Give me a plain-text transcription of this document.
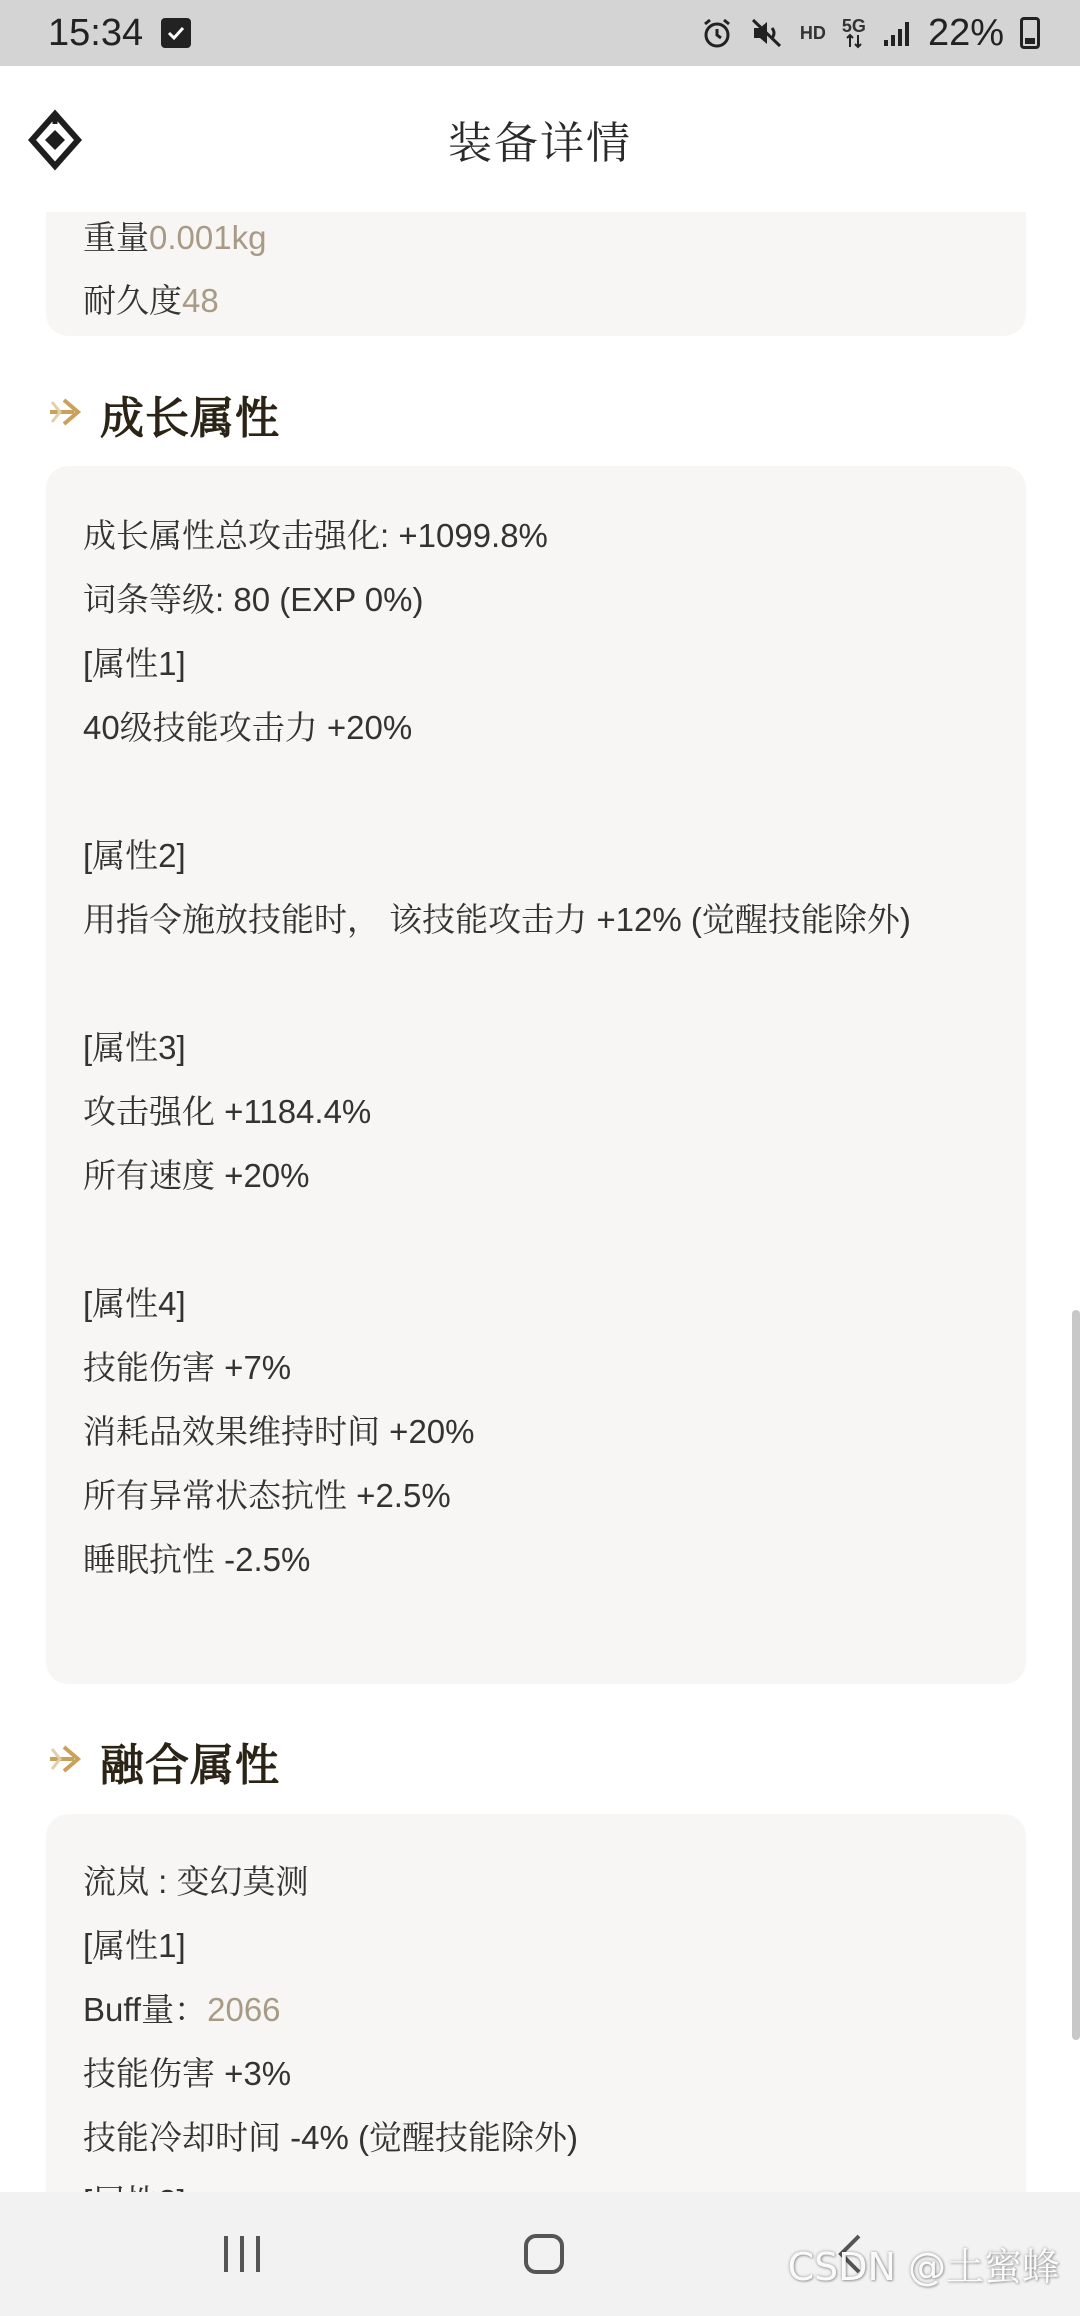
15:34	HD 5G 22%
装备详情
重量0.001kg
耐久度48
成长属性
成长属性总攻击强化: +1099.8%
词条等级: 80 (EXP 0%)
[属性1]
40级技能攻击力 +20%
[属性2]
用指令施放技能时， 该技能攻击力 +12% (觉醒技能除外)
[属性3]
攻击强化 +1184.4%
所有速度 +20%
[属性4]
技能伤害 +7%
消耗品效果维持时间 +20%
所有异常状态抗性 +2.5%
睡眠抗性 -2.5%
融合属性
流岚 : 变幻莫测
[属性1]
Buff量：2066
技能伤害 +3%
技能冷却时间 -4% (觉醒技能除外)
CSDN @土蜜蜂
